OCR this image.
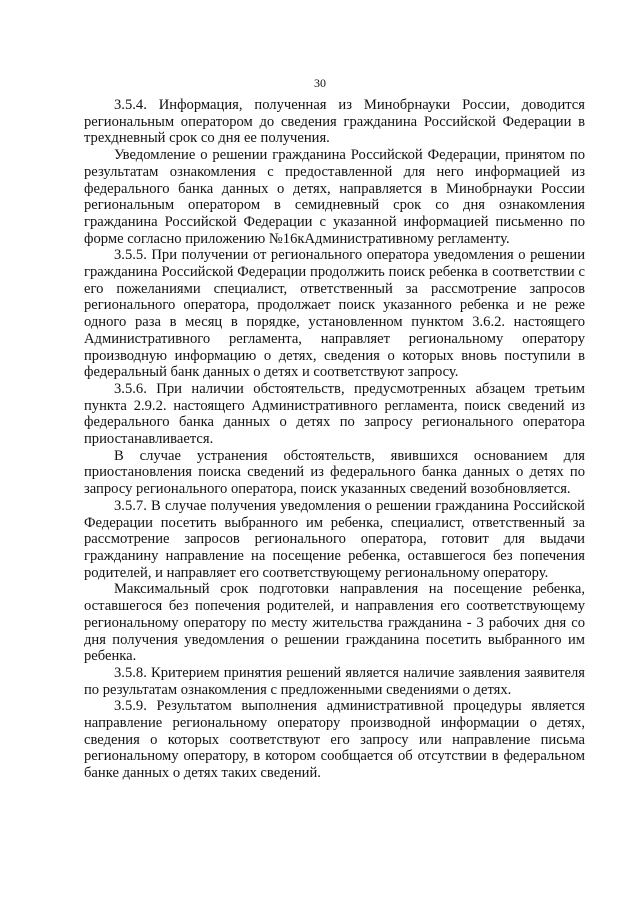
30

3.5.4. Информация, полученная из Минобрнауки России, доводится региональным оператором до сведения гражданина Российской Федерации в трехдневный срок со дня ее получения.

Уведомление о решении гражданина Российской Федерации, принятом по результатам ознакомления с предоставленной для него информацией из федерального банка данных о детях, направляется в Минобрнауки России региональным оператором в семидневный срок со дня ознакомления гражданина Российской Федерации с указанной информацией письменно по форме согласно приложению №16кАдминистративному регламенту.

3.5.5. При получении от регионального оператора уведомления о решении гражданина Российской Федерации продолжить поиск ребенка в соответствии с его пожеланиями специалист, ответственный за рассмотрение запросов регионального оператора, продолжает поиск указанного ребенка и не реже одного раза в месяц в порядке, установленном пунктом 3.6.2. настоящего Административного регламента, направляет региональному оператору производную информацию о детях, сведения о которых вновь поступили в федеральный банк данных о детях и соответствуют запросу.

3.5.6. При наличии обстоятельств, предусмотренных абзацем третьим пункта 2.9.2. настоящего Административного регламента, поиск сведений из федерального банка данных о детях по запросу регионального оператора приостанавливается.

В случае устранения обстоятельств, явившихся основанием для приостановления поиска сведений из федерального банка данных о детях по запросу регионального оператора, поиск указанных сведений возобновляется.

3.5.7. В случае получения уведомления о решении гражданина Российской Федерации посетить выбранного им ребенка, специалист, ответственный за рассмотрение запросов регионального оператора, готовит для выдачи гражданину направление на посещение ребенка, оставшегося без попечения родителей, и направляет его соответствующему региональному оператору.

Максимальный срок подготовки направления на посещение ребенка, оставшегося без попечения родителей, и направления его соответствующему региональному оператору по месту жительства гражданина - 3 рабочих дня со дня получения уведомления о решении гражданина посетить выбранного им ребенка.

3.5.8. Критерием принятия решений является наличие заявления заявителя по результатам ознакомления с предложенными сведениями о детях.

3.5.9. Результатом выполнения административной процедуры является направление региональному оператору производной информации о детях, сведения о которых соответствуют его запросу или направление письма региональному оператору, в котором сообщается об отсутствии в федеральном банке данных о детях таких сведений.
